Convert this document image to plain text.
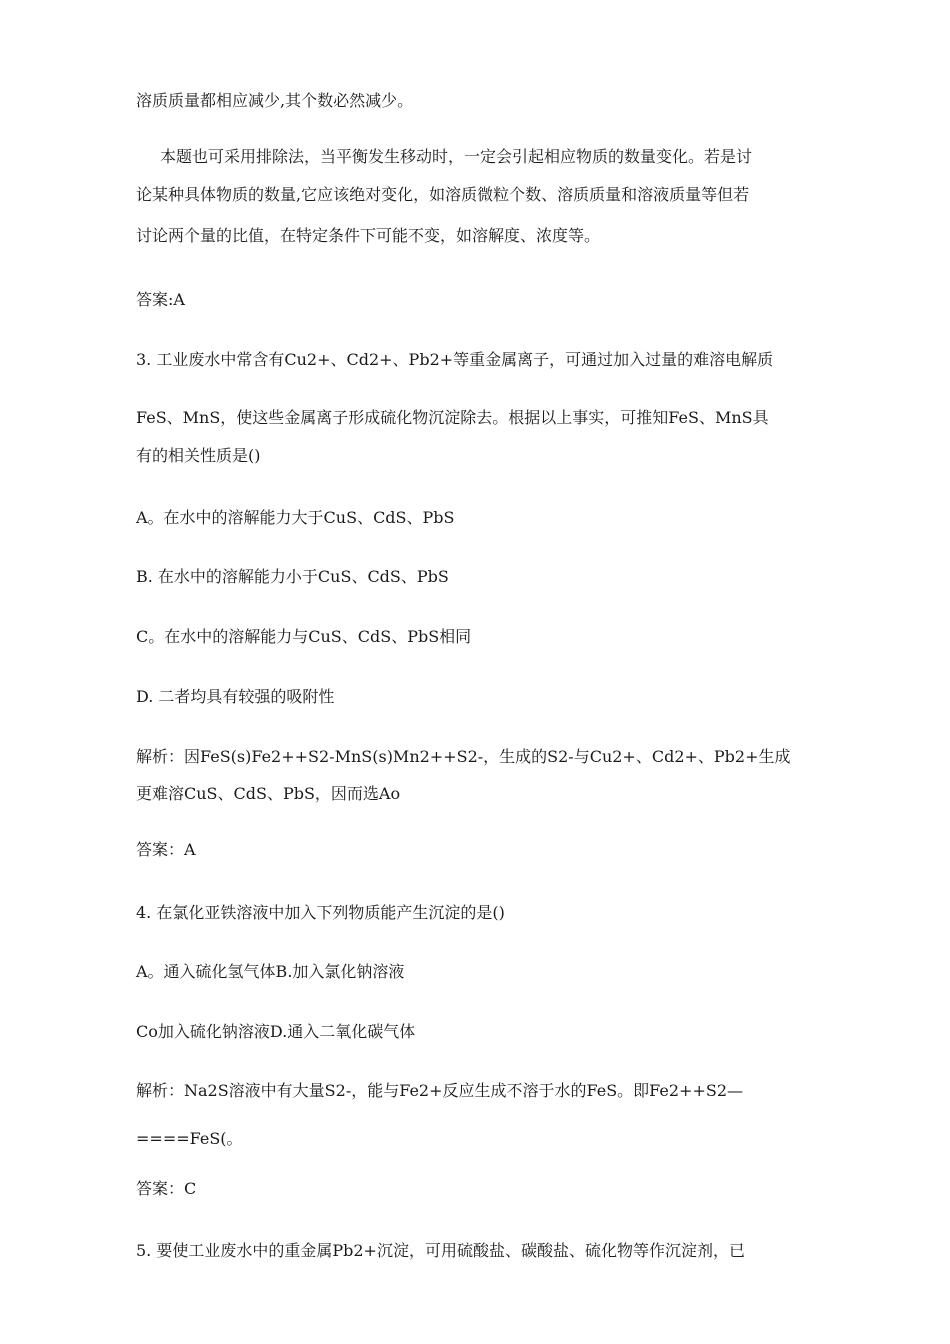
溶质质量都相应减少,其个数必然减少。
本题也可采用排除法，当平衡发生移动时，一定会引起相应物质的数量变化。若是讨
论某种具体物质的数量,它应该绝对变化，如溶质微粒个数、溶质质量和溶液质量等但若
讨论两个量的比值，在特定条件下可能不变，如溶解度、浓度等。
答案:A
3. 工业废水中常含有Cu2+、Cd2+、Pb2+等重金属离子，可通过加入过量的难溶电解质
FeS、MnS，使这些金属离子形成硫化物沉淀除去。根据以上事实，可推知FeS、MnS具
有的相关性质是()
A。在水中的溶解能力大于CuS、CdS、PbS
B. 在水中的溶解能力小于CuS、CdS、PbS
C。在水中的溶解能力与CuS、CdS、PbS相同
D. 二者均具有较强的吸附性
解析：因FeS(s)Fe2++S2-MnS(s)Mn2++S2-，生成的S2-与Cu2+、Cd2+、Pb2+生成
更难溶CuS、CdS、PbS，因而选Ao
答案：A
4. 在氯化亚铁溶液中加入下列物质能产生沉淀的是()
A。通入硫化氢气体B.加入氯化钠溶液
Co加入硫化钠溶液D.通入二氧化碳气体
解析：Na2S溶液中有大量S2-，能与Fe2+反应生成不溶于水的FeS。即Fe2++S2—
====FeS(。
答案：C
5. 要使工业废水中的重金属Pb2+沉淀，可用硫酸盐、碳酸盐、硫化物等作沉淀剂，已
